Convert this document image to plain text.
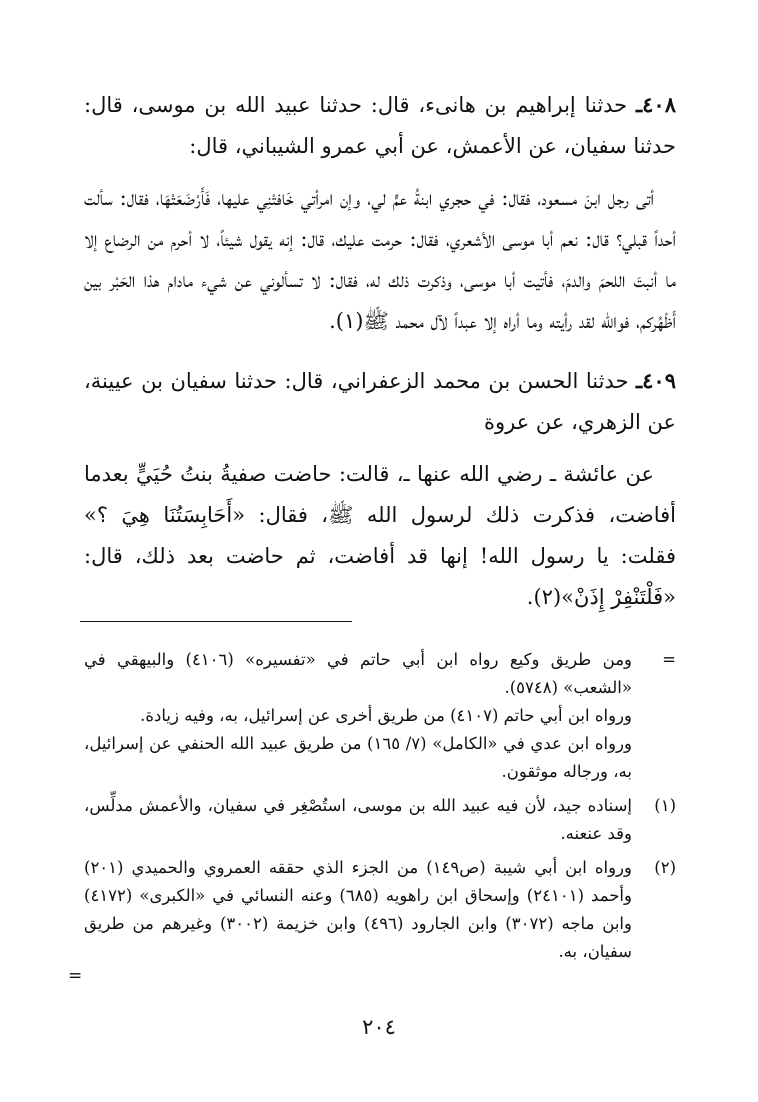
٤٠٨ـ حدثنا إبراهيم بن هانىء، قال: حدثنا عبيد الله بن موسى، قال: حدثنا سفيان، عن الأعمش، عن أبي عمرو الشيباني، قال:

أتى رجل ابنَ مسعود، فقال: في حجري ابنةُ عمٍّ لي، وإن امرأتي خَافتْنِي عليها، فَأَرْضَعَتْهَا، فقال: سألت أحداً قبلي؟ قال: نعم أبا موسى الأشعري، فقال: حرمت عليك، قال: إنه يقول شيئاً، لا أحرم من الرضاع إلا ما أنبتَ اللحمَ والدمَ، فأتيت أبا موسى، وذكرت ذلك له، فقال: لا تسألوني عن شيء مادام هذا الحَبْر بين أَظْهُركم، فوالله لقد رأيته وما أراه إلا عبداً لآل محمد ﷺ(١).

٤٠٩ـ حدثنا الحسن بن محمد الزعفراني، قال: حدثنا سفيان بن عيينة، عن الزهري، عن عروة

عن عائشة ـ رضي الله عنها ـ، قالت: حاضت صفيةُ بنتُ حُيَيٍّ بعدما أفاضت، فذكرت ذلك لرسول الله ﷺ، فقال: «أَحَابِسَتُنَا هِيَ ؟» فقلت: يا رسول الله! إنها قد أفاضت، ثم حاضت بعد ذلك، قال: «فَلْتَنْفِرْ إِذَنْ»(٢).

=

ومن طريق وكيع رواه ابن أبي حاتم في «تفسيره» (٤١٠٦) والبيهقي في «الشعب» (٥٧٤٨).

ورواه ابن أبي حاتم (٤١٠٧) من طريق أخرى عن إسرائيل، به، وفيه زيادة.

ورواه ابن عدي في «الكامل» (٧/ ١٦٥) من طريق عبيد الله الحنفي عن إسرائيل، به، ورجاله موثقون.

(١)

إسناده جيد، لأن فيه عبيد الله بن موسى، استُصْغِر في سفيان، والأعمش مدلِّس، وقد عنعنه.

(٢)

ورواه ابن أبي شيبة (ص١٤٩) من الجزء الذي حققه العمروي والحميدي (٢٠١) وأحمد (٢٤١٠١) وإسحاق ابن راهويه (٦٨٥) وعنه النسائي في «الكبرى» (٤١٧٢) وابن ماجه (٣٠٧٢) وابن الجارود (٤٩٦) وابن خزيمة (٣٠٠٢) وغيرهم من طريق سفيان، به.

=
٢٠٤
